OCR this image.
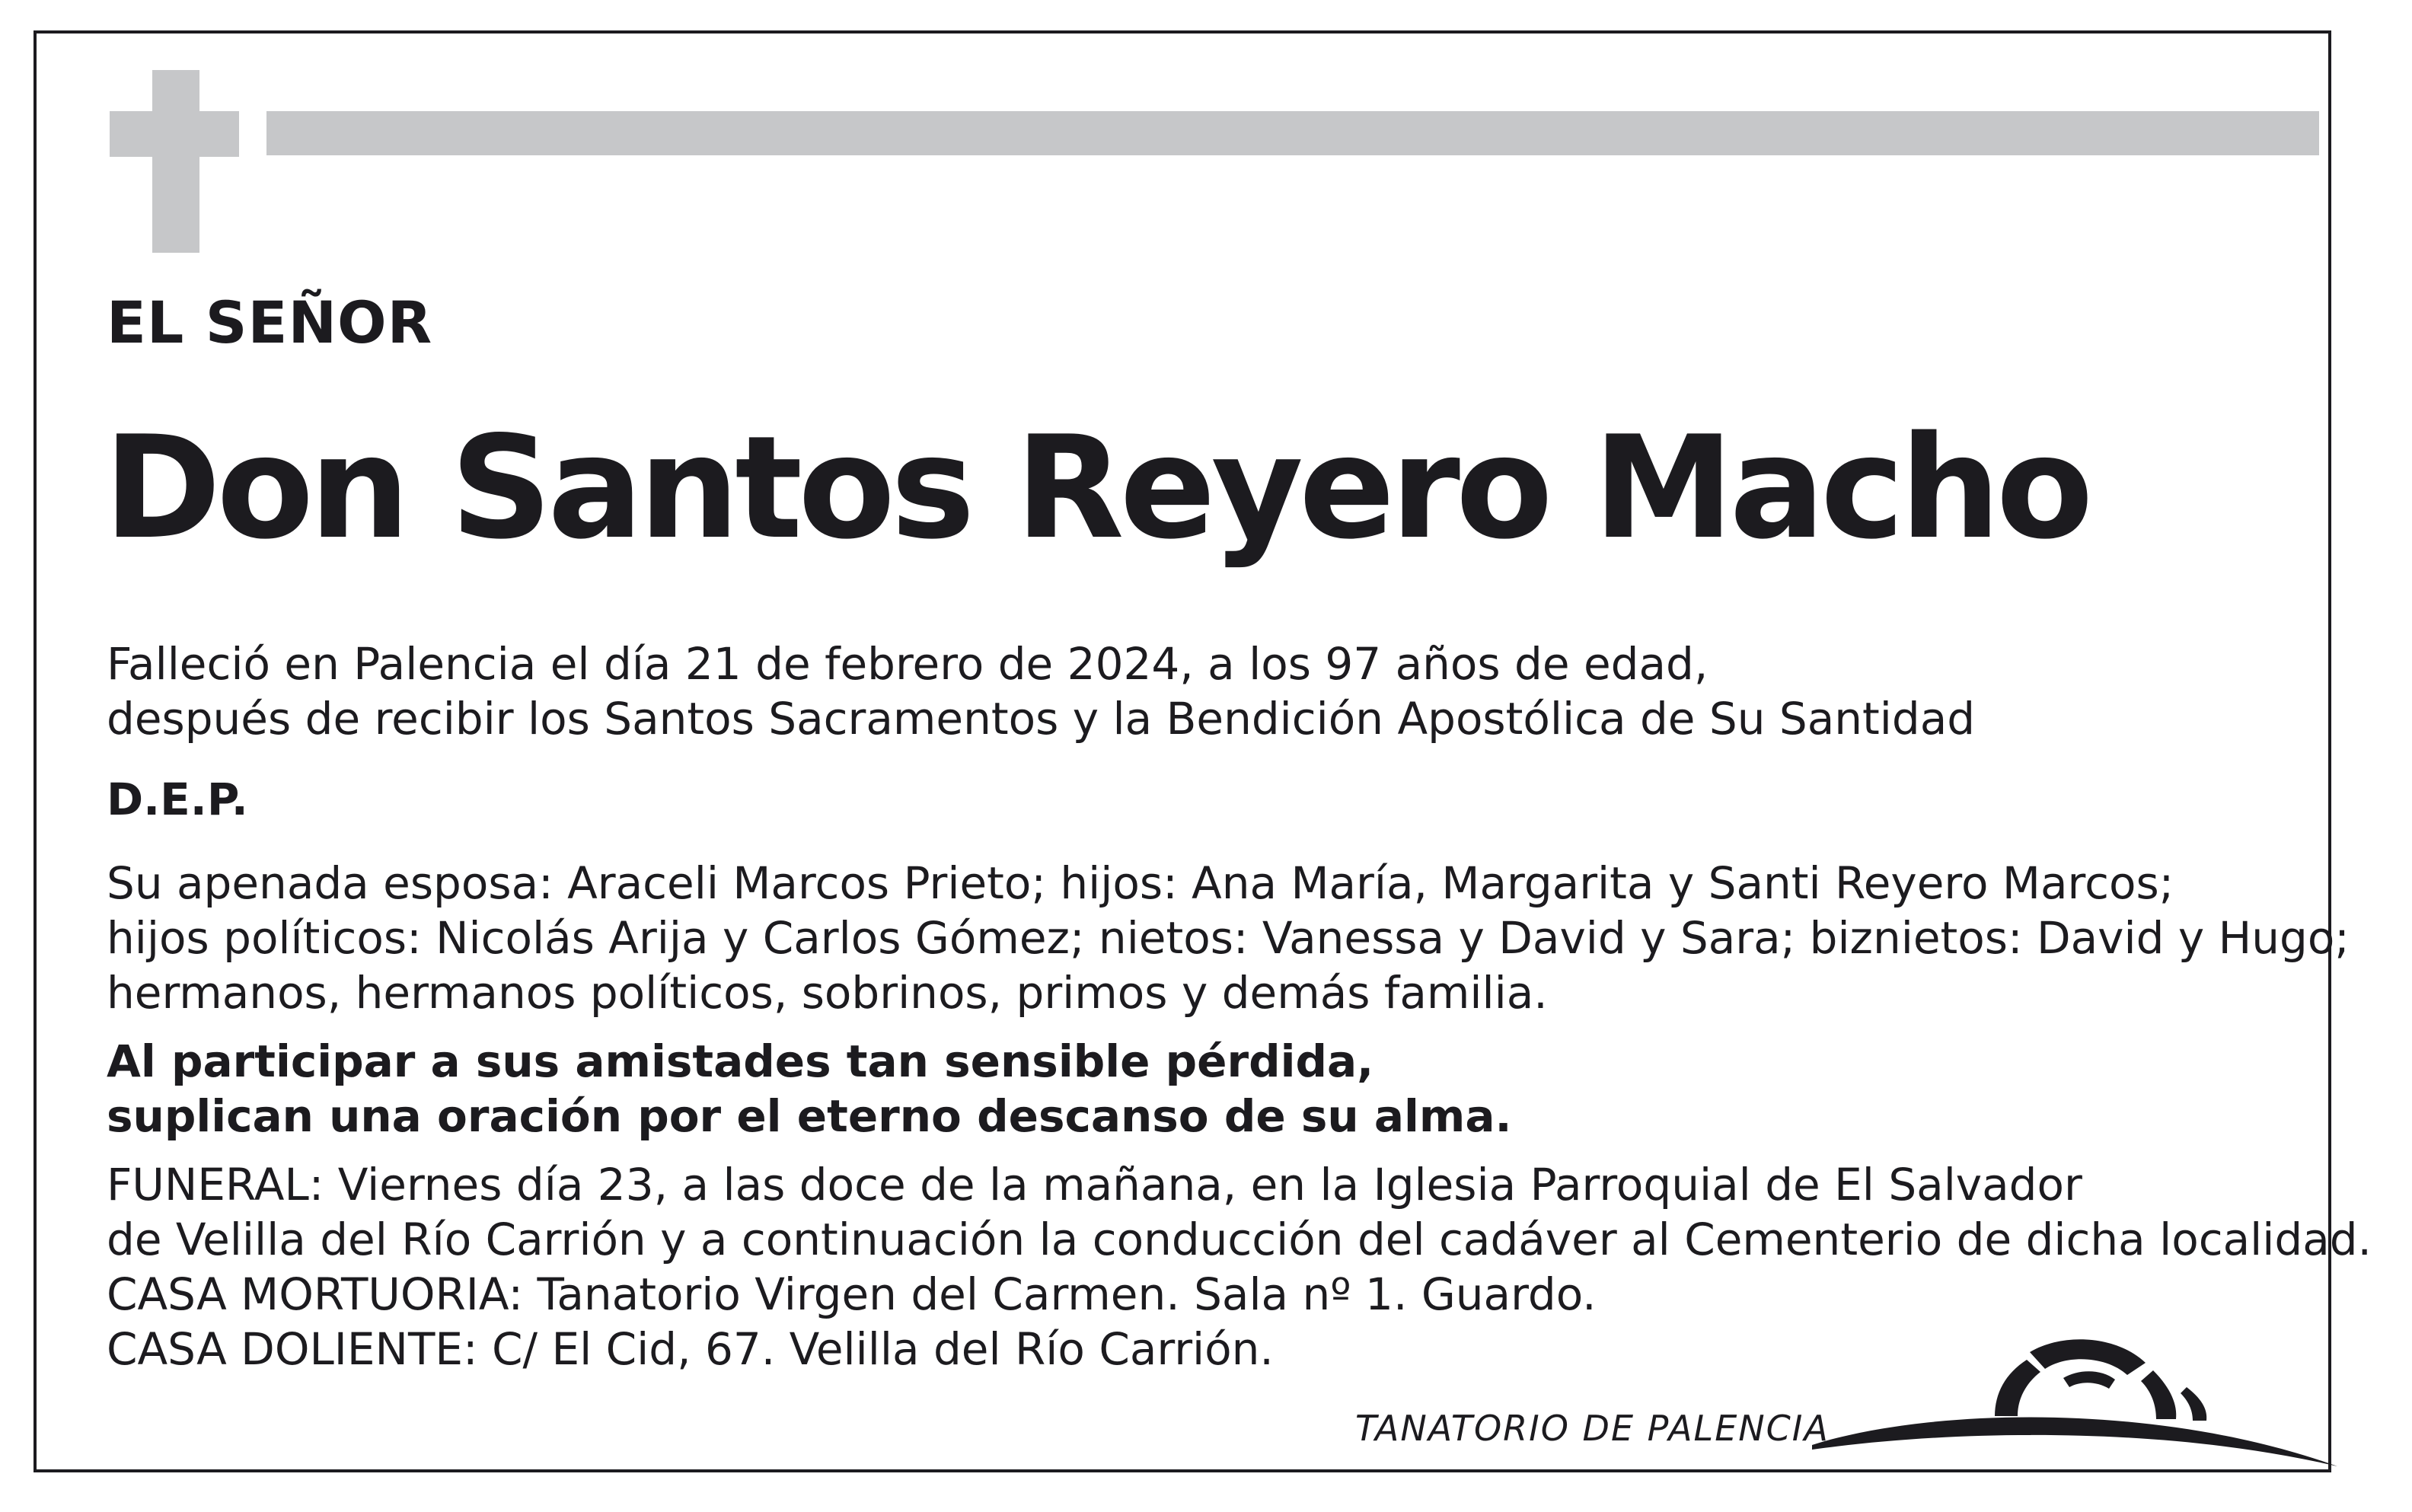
EL SEÑOR
Don Santos Reyero Macho
Falleció en Palencia el día 21 de febrero de 2024, a los 97 años de edad,
después de recibir los Santos Sacramentos y la Bendición Apostólica de Su Santidad
D.E.P.
Su apenada esposa: Araceli Marcos Prieto; hijos: Ana María, Margarita y Santi Reyero Marcos;
hijos políticos: Nicolás Arija y Carlos Gómez; nietos: Vanessa y David y Sara; biznietos: David y Hugo;
hermanos, hermanos políticos, sobrinos, primos y demás familia.
Al participar a sus amistades tan sensible pérdida,
suplican una oración por el eterno descanso de su alma.
FUNERAL: Viernes día 23, a las doce de la mañana, en la Iglesia Parroquial de El Salvador
de Velilla del Río Carrión y a continuación la conducción del cadáver al Cementerio de dicha localidad.
CASA MORTUORIA: Tanatorio Virgen del Carmen. Sala nº 1. Guardo.
CASA DOLIENTE: C/ El Cid, 67. Velilla del Río Carrión.
TANATORIO DE PALENCIA
